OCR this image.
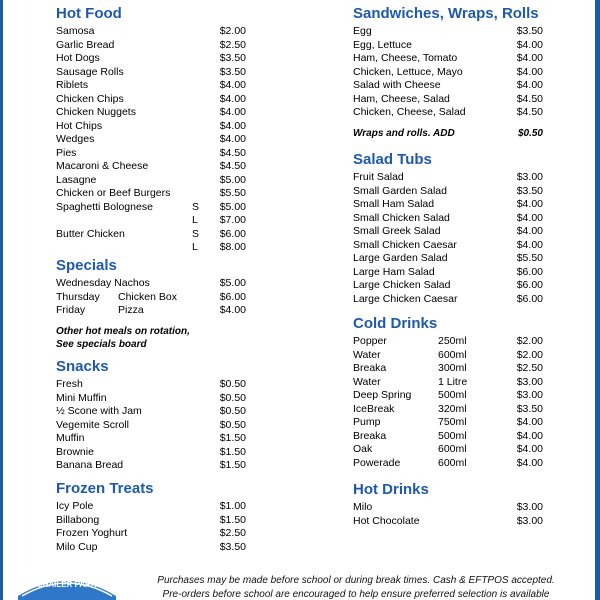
Hot Food
Samosa	$2.00
Garlic Bread	$2.50
Hot Dogs	$3.50
Sausage Rolls	$3.50
Riblets	$4.00
Chicken Chips	$4.00
Chicken Nuggets	$4.00
Hot Chips	$4.00
Wedges	$4.00
Pies	$4.50
Macaroni & Cheese	$4.50
Lasagne	$5.00
Chicken or Beef Burgers	$5.50
Spaghetti Bolognese	S $5.00
L $7.00
Butter Chicken	S $6.00
L $8.00
Specials
Wednesday Nachos	$5.00
Thursday Chicken Box	$6.00
Friday	Pizza	$4.00
Other hot meals on rotation,
See specials board
Snacks
Fresh	$0.50
Mini Muffin	$0.50
½ Scone with Jam	$0.50
Vegemite Scroll	$0.50
Muffin	$1.50
Brownie	$1.50
Banana Bread	$1.50
Frozen Treats
Icy Pole	$1.00
Billabong	$1.50
Frozen Yoghurt	$2.50
Milo Cup	$3.50
Sandwiches, Wraps, Rolls
Egg	$3.50
Egg, Lettuce	$4.00
Ham, Cheese, Tomato	$4.00
Chicken, Lettuce, Mayo	$4.00
Salad with Cheese	$4.00
Ham, Cheese, Salad	$4.50
Chicken, Cheese, Salad	$4.50
Wraps and rolls. ADD	$0.50
Salad Tubs
Fruit Salad	$3.00
Small Garden Salad	$3.50
Small Ham Salad	$4.00
Small Chicken Salad	$4.00
Small Greek Salad	$4.00
Small Chicken Caesar	$4.00
Large Garden Salad	$5.50
Large Ham Salad	$6.00
Large Chicken Salad	$6.00
Large Chicken Caesar	$6.00
Cold Drinks
Popper	250ml	$2.00
Water	600ml	$2.00
Breaka	300ml	$2.50
Water	1 Litre	$3.00
Deep Spring	500ml	$3.00
IceBreak	320ml	$3.50
Pump	750ml	$4.00
Breaka	500ml	$4.00
Oak	600ml	$4.00
Powerade	600ml	$4.00
Hot Drinks
Milo	$3.00
Hot Chocolate	$3.00
SHAILER PARK	Purchases may be made before school or during break times. Cash & EFTPOS accepted.
Pre-orders before school are encouraged to help ensure preferred selection is available
